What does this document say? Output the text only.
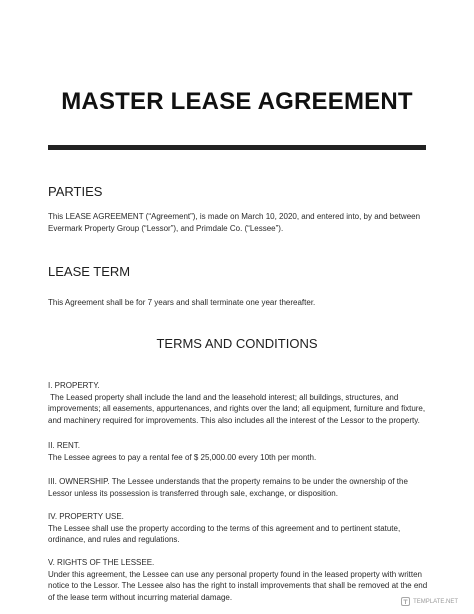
MASTER LEASE AGREEMENT
PARTIES
This LEASE AGREEMENT (“Agreement”), is made on March 10, 2020, and entered into, by and between
Evermark Property Group (“Lessor”), and Primdale Co. (“Lessee”).
LEASE TERM
This Agreement shall be for 7 years and shall terminate one year thereafter.
TERMS AND CONDITIONS
I. PROPERTY.
The Leased property shall include the land and the leasehold interest; all buildings, structures, and
improvements; all easements, appurtenances, and rights over the land; all equipment, furniture and fixture,
and machinery required for improvements. This also includes all the interest of the Lessor to the property.
II. RENT.
The Lessee agrees to pay a rental fee of $ 25,000.00 every 10th per month.
III. OWNERSHIP. The Lessee understands that the property remains to be under the ownership of the
Lessor unless its possession is transferred through sale, exchange, or disposition.
IV. PROPERTY USE.
The Lessee shall use the property according to the terms of this agreement and to pertinent statute,
ordinance, and rules and regulations.
V. RIGHTS OF THE LESSEE.
Under this agreement, the Lessee can use any personal property found in the leased property with written
notice to the Lessor. The Lessee also has the right to install improvements that shall be removed at the end
of the lease term without incurring material damage.	TEMPLATE.NET
